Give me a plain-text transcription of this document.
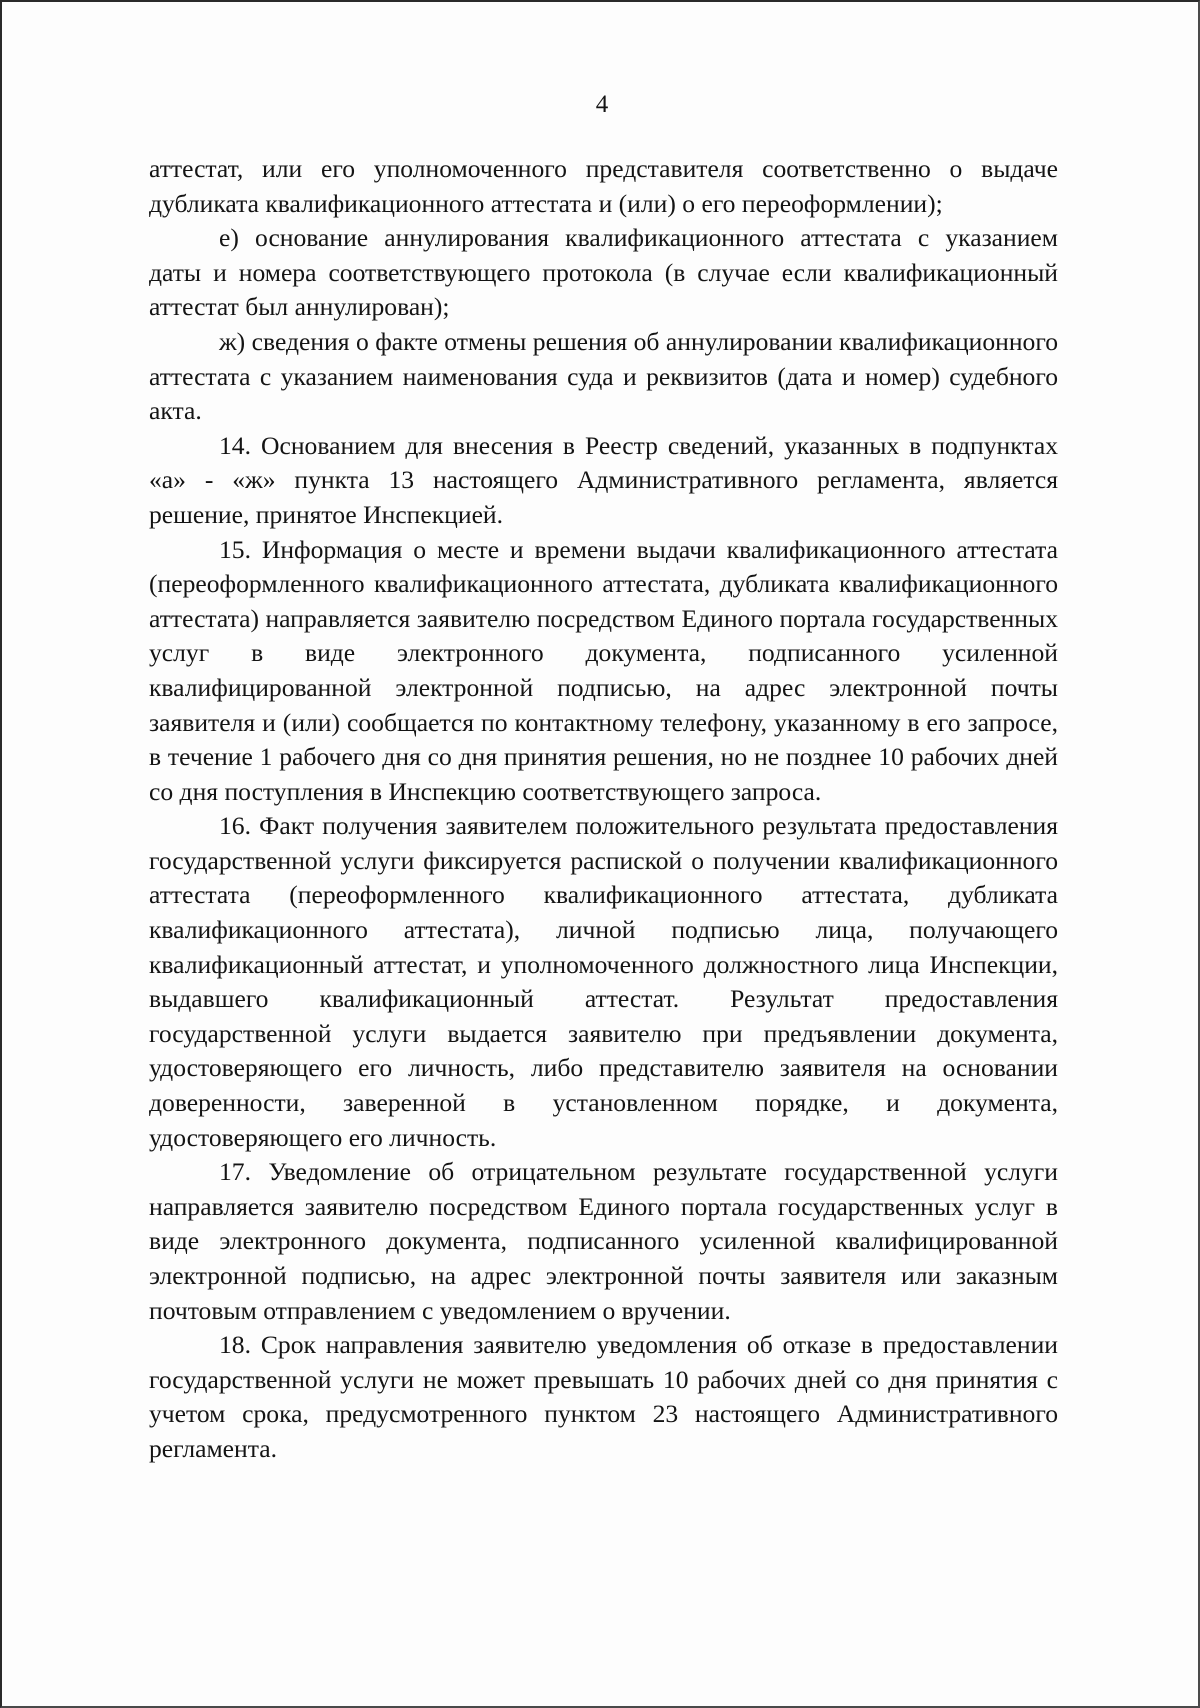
4

аттестат, или его уполномоченного представителя соответственно о выдаче дубликата квалификационного аттестата и (или) о его переоформлении);

е) основание аннулирования квалификационного аттестата с указанием даты и номера соответствующего протокола (в случае если квалификационный аттестат был аннулирован);

ж) сведения о факте отмены решения об аннулировании квалификационного аттестата с указанием наименования суда и реквизитов (дата и номер) судебного акта.

14. Основанием для внесения в Реестр сведений, указанных в подпунктах «а» - «ж» пункта 13 настоящего Административного регламента, является решение, принятое Инспекцией.

15. Информация о месте и времени выдачи квалификационного аттестата (переоформленного квалификационного аттестата, дубликата квалификационного аттестата) направляется заявителю посредством Единого портала государственных услуг в виде электронного документа, подписанного усиленной квалифицированной электронной подписью, на адрес электронной почты заявителя и (или) сообщается по контактному телефону, указанному в его запросе, в течение 1 рабочего дня со дня принятия решения, но не позднее 10 рабочих дней со дня поступления в Инспекцию соответствующего запроса.

16. Факт получения заявителем положительного результата предоставления государственной услуги фиксируется распиской о получении квалификационного аттестата (переоформленного квалификационного аттестата, дубликата квалификационного аттестата), личной подписью лица, получающего квалификационный аттестат, и уполномоченного должностного лица Инспекции, выдавшего квалификационный аттестат. Результат предоставления государственной услуги выдается заявителю при предъявлении документа, удостоверяющего его личность, либо представителю заявителя на основании доверенности, заверенной в установленном порядке, и документа, удостоверяющего его личность.

17. Уведомление об отрицательном результате государственной услуги направляется заявителю посредством Единого портала государственных услуг в виде электронного документа, подписанного усиленной квалифицированной электронной подписью, на адрес электронной почты заявителя или заказным почтовым отправлением с уведомлением о вручении.

18. Срок направления заявителю уведомления об отказе в предоставлении государственной услуги не может превышать 10 рабочих дней со дня принятия с учетом срока, предусмотренного пунктом 23 настоящего Административного регламента.
